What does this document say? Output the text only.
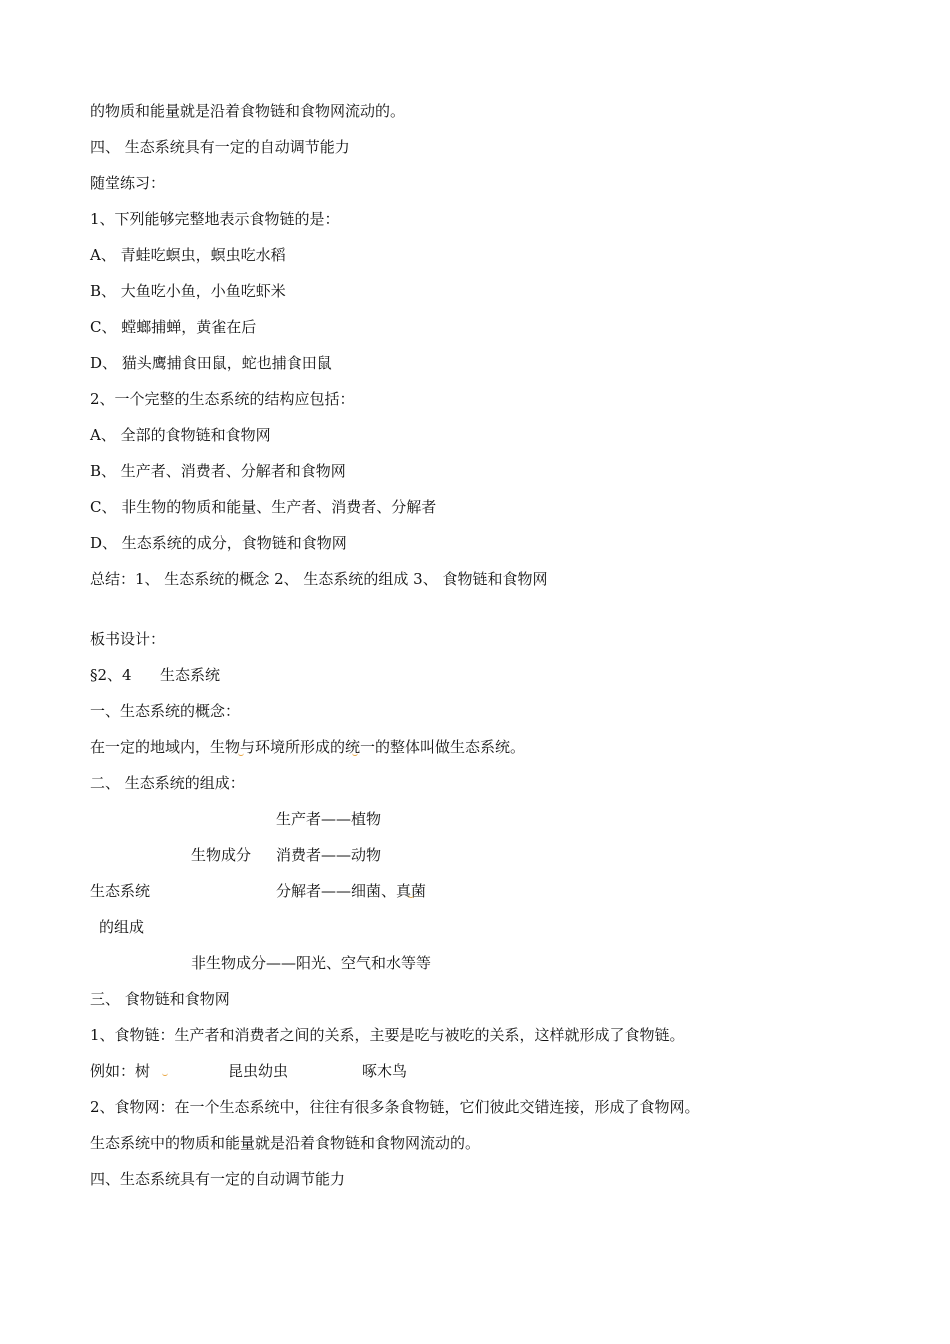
的物质和能量就是沿着食物链和食物网流动的。
四、 生态系统具有一定的自动调节能力
随堂练习：
1、下列能够完整地表示食物链的是：
A、 青蛙吃螟虫，螟虫吃水稻
B、 大鱼吃小鱼，小鱼吃虾米
C、 螳螂捕蝉，黄雀在后
D、 猫头鹰捕食田鼠，蛇也捕食田鼠
2、一个完整的生态系统的结构应包括：
A、 全部的食物链和食物网
B、 生产者、消费者、分解者和食物网
C、 非生物的物质和能量、生产者、消费者、分解者
D、 生态系统的成分，食物链和食物网
总结：1、 生态系统的概念 2、 生态系统的组成 3、 食物链和食物网
板书设计：
§2、4 生态系统
一、生态系统的概念：
在一定的地域内，生物与环境所形成的统一的整体叫做生态系统。
二、 生态系统的组成：
生产者——植物
生物成分 消费者——动物
生态系统	分解者——细菌、真菌
的组成
非生物成分——阳光、空气和水等等
三、 食物链和食物网
1、食物链：生产者和消费者之间的关系，主要是吃与被吃的关系，这样就形成了食物链。
例如：树	昆虫幼虫	啄木鸟
2、食物网：在一个生态系统中，往往有很多条食物链，它们彼此交错连接，形成了食物网。
生态系统中的物质和能量就是沿着食物链和食物网流动的。
四、生态系统具有一定的自动调节能力
